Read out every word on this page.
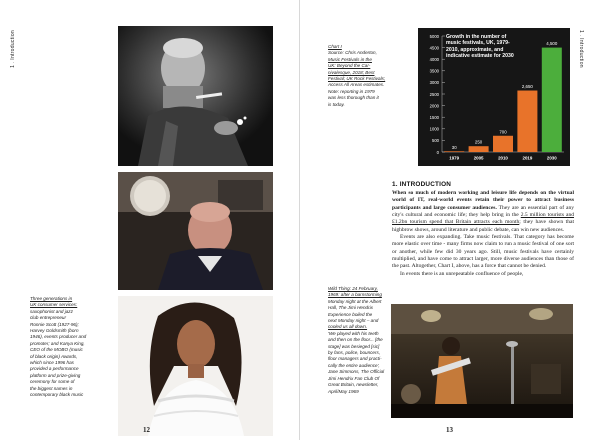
1 . Introduction
Three generations in
UK consumer services:
saxophonist and jazz
club entrepreneur
Ronnie Scott (1927-96);
Harvey Goldsmith (born
1946), events producer and
promoter; and Kanya King,
CEO of the MOBO (music
of black origin) Awards,
which since 1996 has
provided a performance
platform and prize-giving
ceremony for some of
the biggest names in
contemporary black music
12
1 . Introduction
Chart I
Source: Chris Anderton,
Music Festivals in the
UK: Beyond the Car-
nivalesque, 2018; Best
Festival; UK Rock Festivals;
Access All Areas estimates.
Note: reporting in 1979
was less thorough than it
is today.
0
500
1000
1500
2000
2500
3000
3500
4000
4500
5000
30
1979
250
2005
700
2010
2,650
2019
4,500
2030
Growth in the number of music festivals, UK, 1979-2010, approximate, and indicative estimate for 2030
1. INTRODUCTION

When so much of modern working and leisure life depends on the virtual world of IT, real-world events retain their power to attract business participants and large consumer audiences. They are an essential part of any city's cultural and economic life; they help bring in the 2.5 million tourists and £1.2bn tourism spend that Britain attracts each month; they have shown that highbrow shows, around literature and public debate, can win new audiences.

Events are also expanding. Take music festivals. That category has become more elastic over time - many firms now claim to run a music festival of one sort or another, while few did 30 years ago. Still, music festivals have certainly multiplied, and have come to attract larger, more diverse audiences than those of the past. Altogether, Chart I, above, has a force that cannot be denied.

In events there is an unrepeatable confluence of people,

Wild Thing: 24 February,
1969: after a barnstorming
Monday night at the Albert
Hall, The Jimi Hendrix
Experience boiled the
next Monday night – and
cooled us all down.
'We played with his teeth
and then on the floor... [the
stage] was besieged [sic]
by fans, police, bouncers,
floor managers and practi-
cally the entire audience',
Jane Simmons, The Official
Jimi Hendrix Fan Club Of
Great Britain, newsletter,
April/May 1969
13
